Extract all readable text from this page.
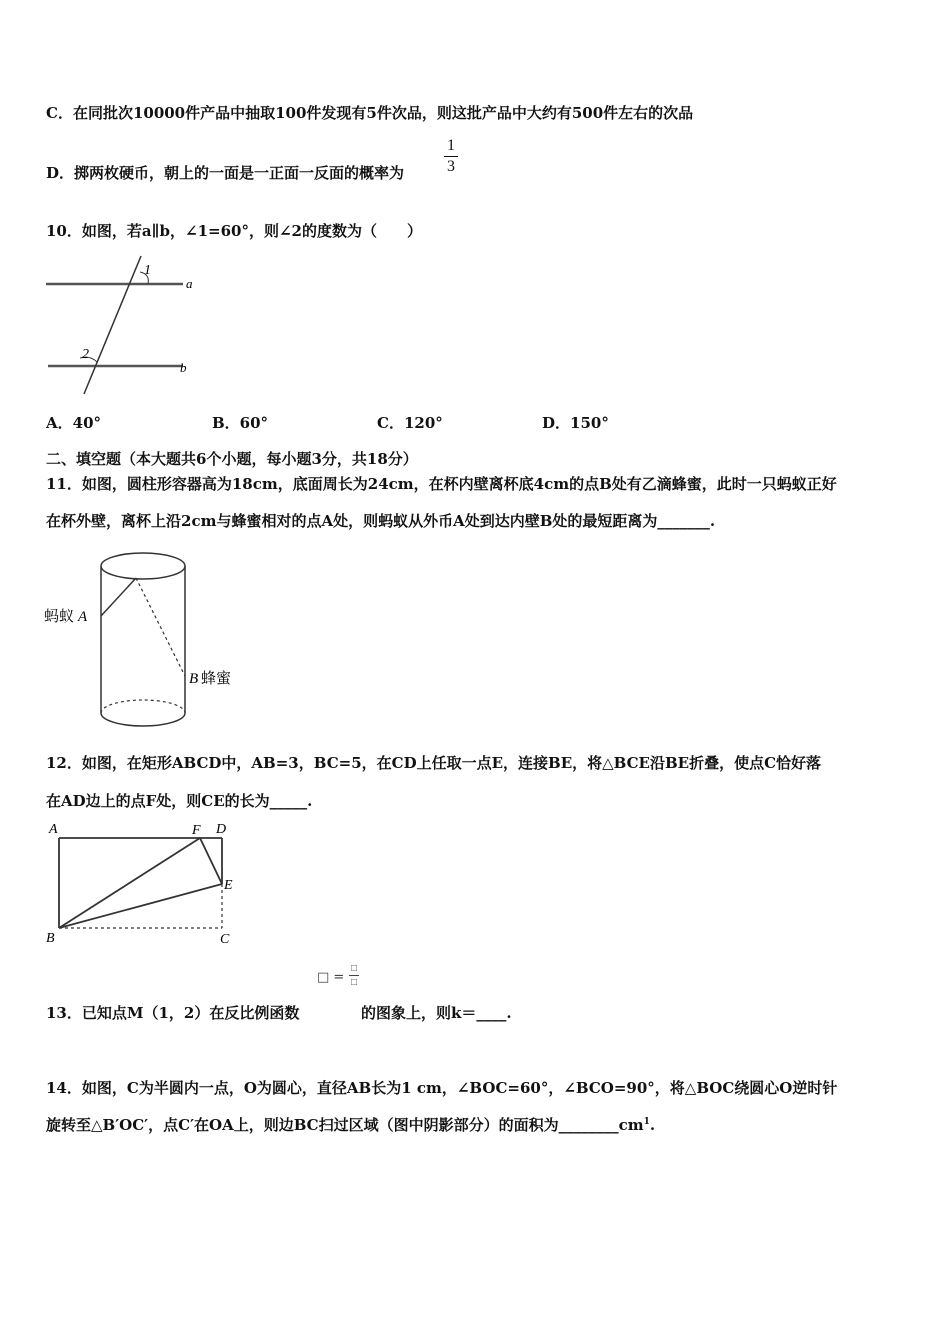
C．在同批次10000件产品中抽取100件发现有5件次品，则这批产品中大约有500件左右的次品
D．掷两枚硬币，朝上的一面是一正面一反面的概率为
1
3
10．如图，若a∥b，∠1=60°，则∠2的度数为（　　）
1
2
a
b
A．40°	B．60°	C．120°	D．150°
二、填空题（本大题共6个小题，每小题3分，共18分）
11．如图，圆柱形容器高为18cm，底面周长为24cm，在杯内壁离杯底4cm的点B处有乙滴蜂蜜，此时一只蚂蚁正好
在杯外壁，离杯上沿2cm与蜂蜜相对的点A处，则蚂蚁从外币A处到达内壁B处的最短距离为_______.
蚂蚁 A
B 蜂蜜
12．如图，在矩形ABCD中，AB=3，BC=5，在CD上任取一点E，连接BE，将△BCE沿BE折叠，使点C恰好落
在AD边上的点F处，则CE的长为_____.
A	F D
E
B	C
□ =
□
□
13．已知点M（1，2）在反比例函数	的图象上，则k＝____.
14．如图，C为半圆内一点，O为圆心，直径AB长为1 cm，∠BOC=60°，∠BCO=90°，将△BOC绕圆心O逆时针
旋转至△B′OC′，点C′在OA上，则边BC扫过区域（图中阴影部分）的面积为$\_\_\_\_\_\_\_\_cm^1$.
